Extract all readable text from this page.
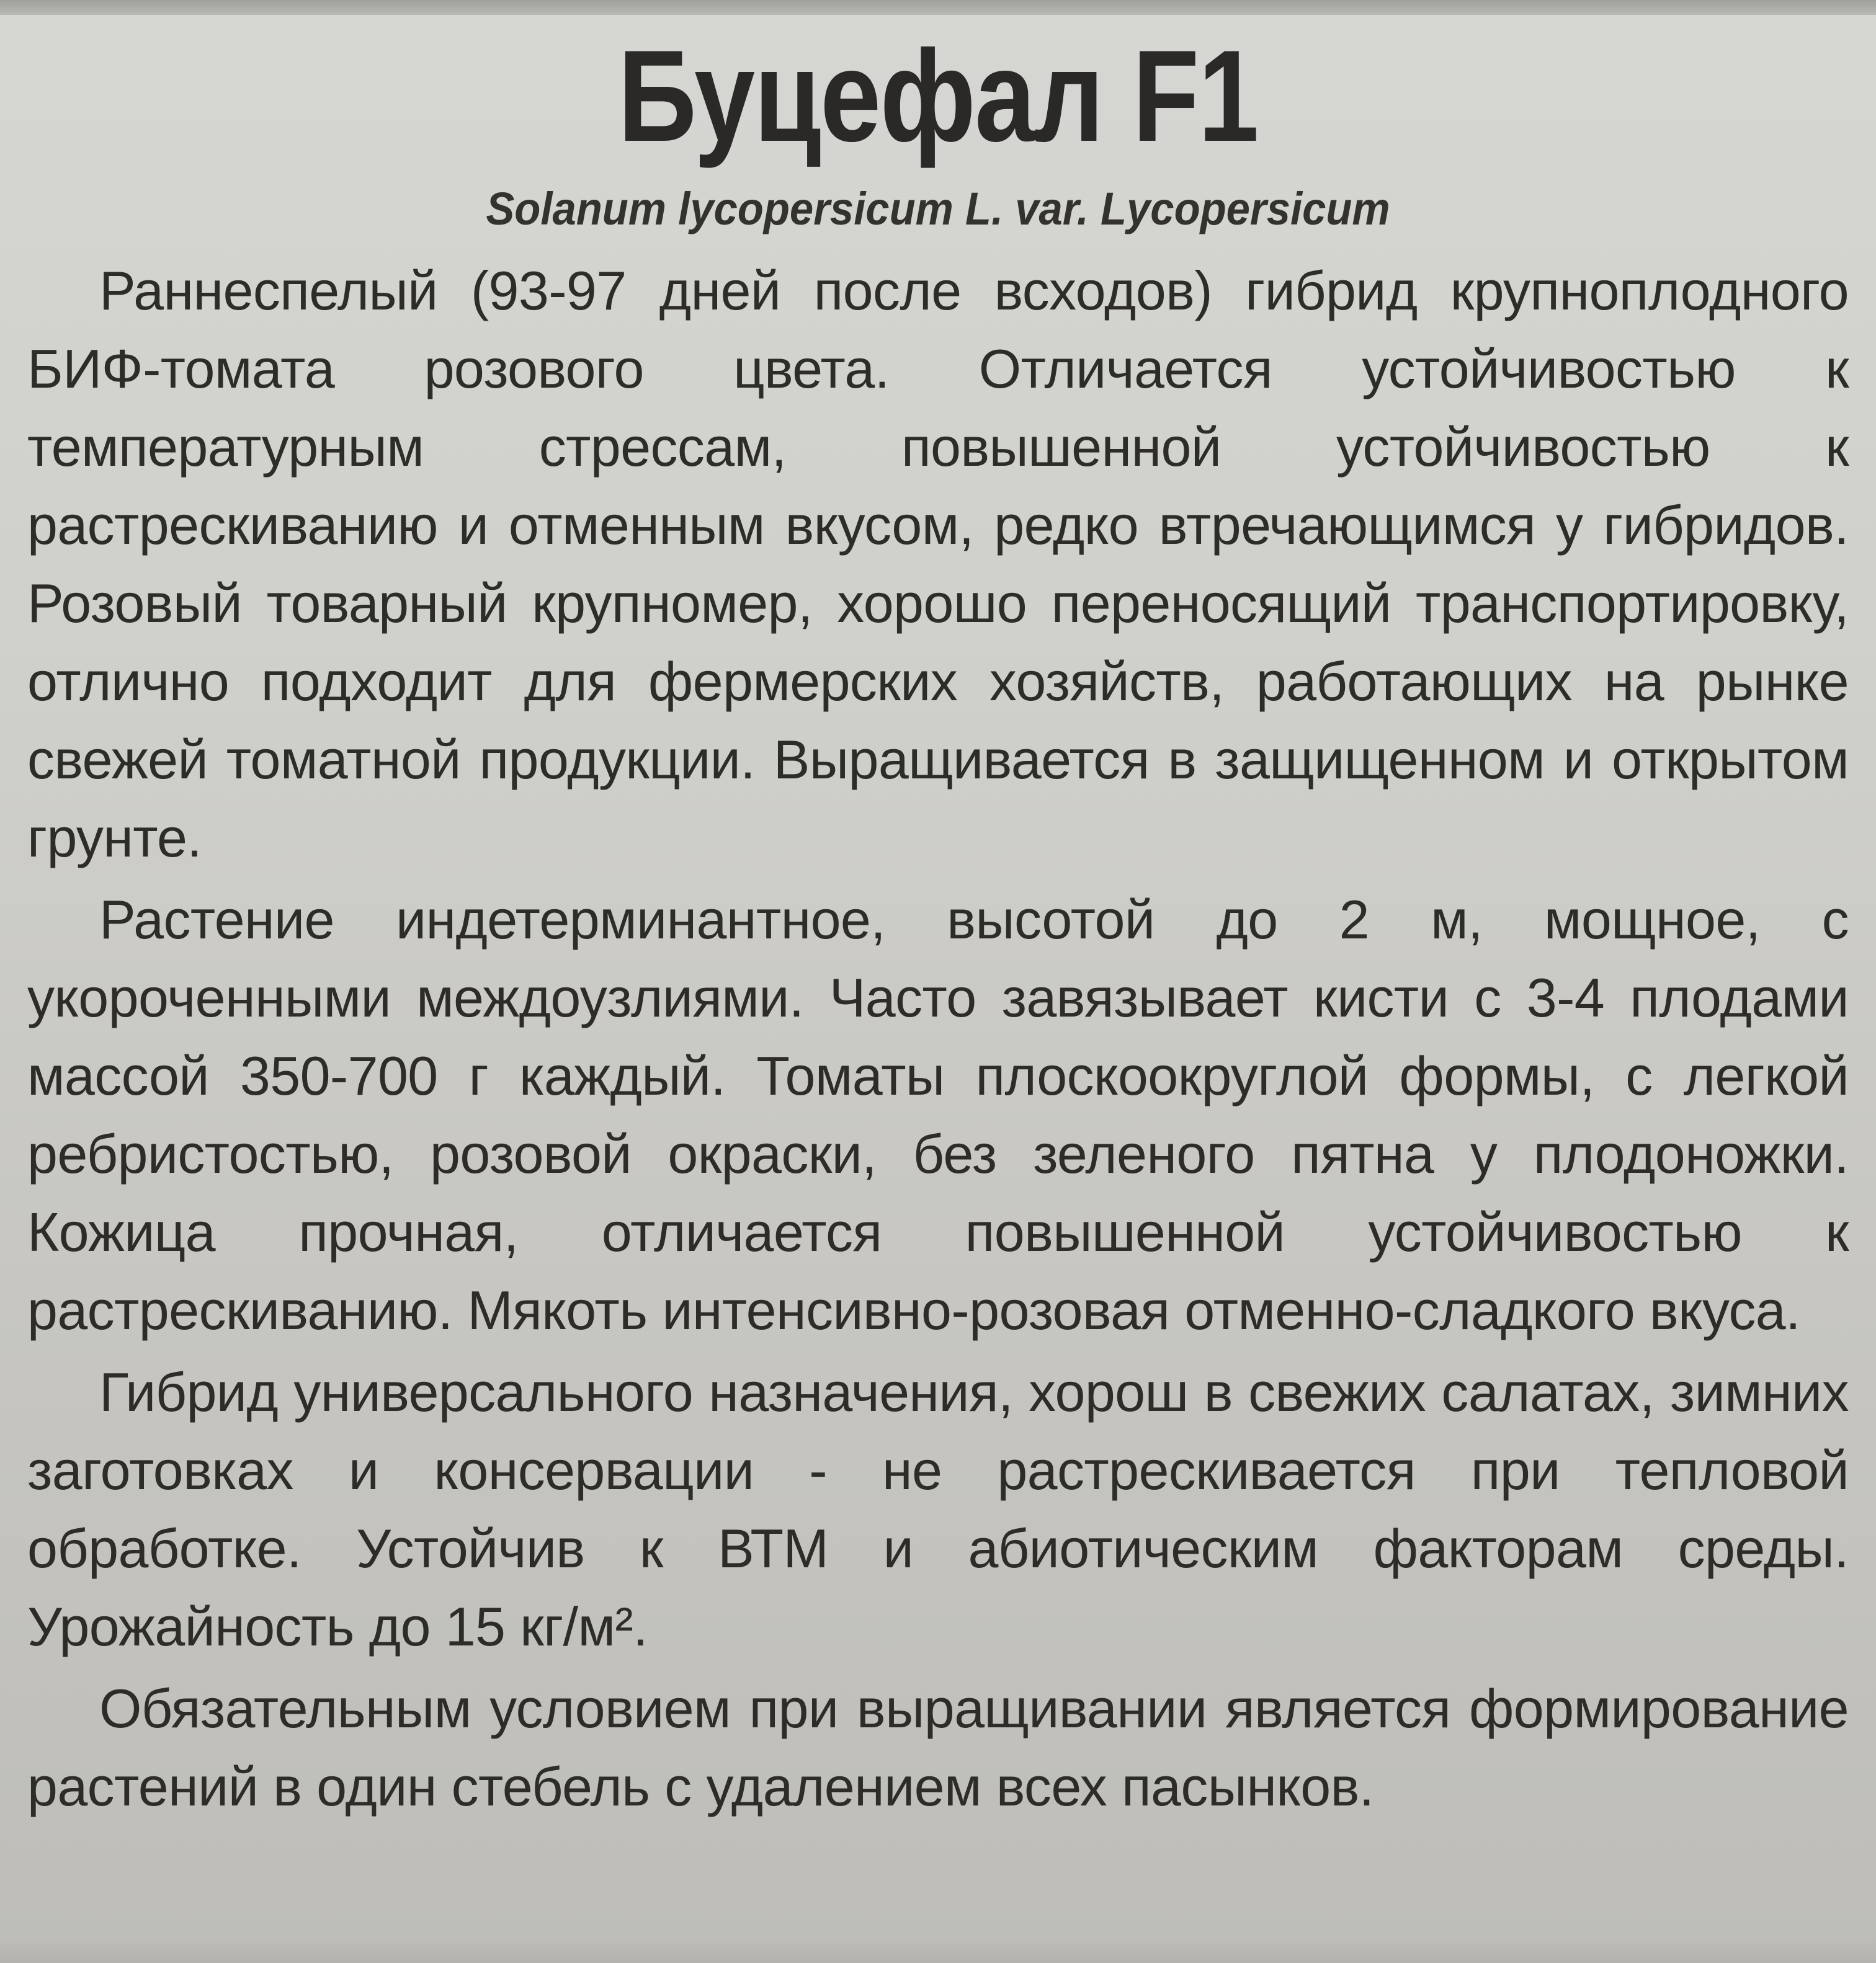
Буцефал F1
Solanum lycopersicum L. var. Lycopersicum

Раннеспелый (93-97 дней после всходов) гибрид крупноплодного БИФ-томата розового цвета. Отличается устойчивостью к температурным стрессам, повышенной устойчивостью к растрескиванию и отменным вкусом, редко втречающимся у гибридов. Розовый товарный крупномер, хорошо переносящий транспортировку, отлично подходит для фермерских хозяйств, работающих на рынке свежей томатной продукции. Выращивается в защищенном и открытом грунте.

Растение индетерминантное, высотой до 2 м, мощное, с укороченными междоузлиями. Часто завязывает кисти с 3-4 плодами массой 350-700 г каждый. Томаты плоскоокруглой формы, с легкой ребристостью, розовой окраски, без зеленого пятна у плодоножки. Кожица прочная, отличается повышенной устойчивостью к растрескиванию. Мякоть интенсивно-розовая отменно-сладкого вкуса.

Гибрид универсального назначения, хорош в свежих салатах, зимних заготовках и консервации - не растрескивается при тепловой обработке. Устойчив к ВТМ и абиотическим факторам среды. Урожайность до 15 кг/м².

Обязательным условием при выращивании является формирование растений в один стебель с удалением всех пасынков.
